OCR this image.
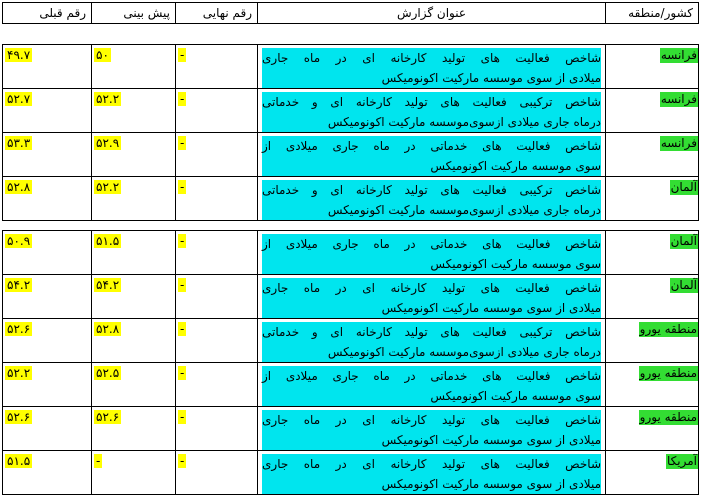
کشور/منطقه	عنوان گزارش	رقم نهایی	پیش بینی	رقم قبلی
فرانسه	شاخص فعالیت های تولید کارخانه ای در ماه جاری
میلادی از سوی موسسه مارکیت اکونومیکس	-	۵۰	۴۹.۷
فرانسه	شاخص ترکیبی فعالیت های تولید کارخانه ای و خدماتی
درماه جاری میلادی ازسوی‌موسسه مارکیت اکونومیکس	-	۵۲.۲	۵۲.۷
فرانسه	شاخص فعالیت های خدماتی در ماه جاری میلادی از
سوی موسسه مارکیت اکونومیکس	-	۵۲.۹	۵۳.۳
آلمان	شاخص ترکیبی فعالیت های تولید کارخانه ای و خدماتی
درماه جاری میلادی ازسوی‌موسسه مارکیت اکونومیکس	-	۵۲.۲	۵۲.۸
آلمان	شاخص فعالیت های خدماتی در ماه جاری میلادی از
سوی موسسه مارکیت اکونومیکس	-	۵۱.۵	۵۰.۹
آلمان	شاخص فعالیت های تولید کارخانه ای در ماه جاری
میلادی از سوی موسسه مارکیت اکونومیکس	-	۵۴.۲	۵۴.۲
منطقه یورو	شاخص ترکیبی فعالیت های تولید کارخانه ای و خدماتی
درماه جاری میلادی ازسوی‌موسسه مارکیت اکونومیکس	-	۵۲.۸	۵۲.۶
منطقه یورو	شاخص فعالیت های خدماتی در ماه جاری میلادی از
سوی موسسه مارکیت اکونومیکس	-	۵۲.۵	۵۲.۲
منطقه یورو	شاخص فعالیت های تولید کارخانه ای در ماه جاری
میلادی از سوی موسسه مارکیت اکونومیکس	-	۵۲.۶	۵۲.۶
آمریکا	شاخص فعالیت های تولید کارخانه ای در ماه جاری
میلادی از سوی موسسه مارکیت اکونومیکس	-	-	۵۱.۵
